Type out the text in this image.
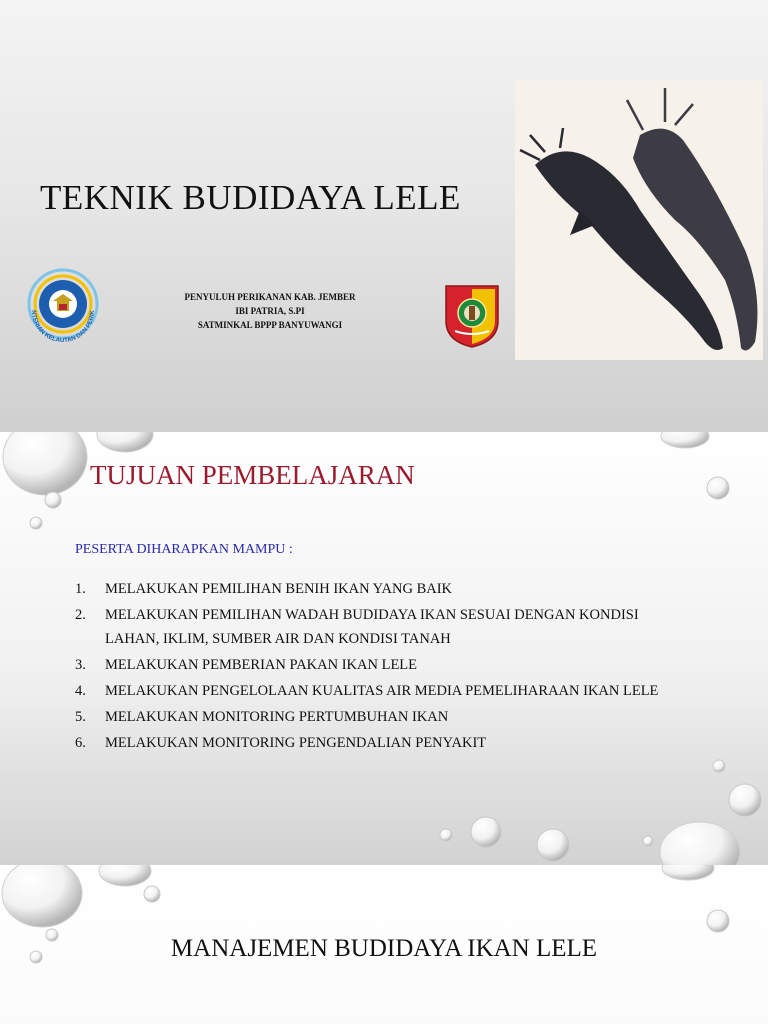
TEKNIK BUDIDAYA LELE
NTERIAN KELAUTAN DAN PERIK
PENYULUH PERIKANAN KAB. JEMBER
IBI PATRIA, S.PI
SATMINKAL BPPP BANYUWANGI
TUJUAN PEMBELAJARAN
PESERTA DIHARAPKAN MAMPU :
1.	MELAKUKAN PEMILIHAN BENIH IKAN YANG BAIK
2.	MELAKUKAN PEMILIHAN WADAH BUDIDAYA IKAN SESUAI DENGAN KONDISI LAHAN, IKLIM, SUMBER AIR DAN KONDISI TANAH
3.	MELAKUKAN PEMBERIAN PAKAN IKAN LELE
4.	MELAKUKAN PENGELOLAAN KUALITAS AIR MEDIA PEMELIHARAAN IKAN LELE
5.	MELAKUKAN MONITORING PERTUMBUHAN IKAN
6.	MELAKUKAN MONITORING PENGENDALIAN PENYAKIT
MANAJEMEN BUDIDAYA IKAN LELE
